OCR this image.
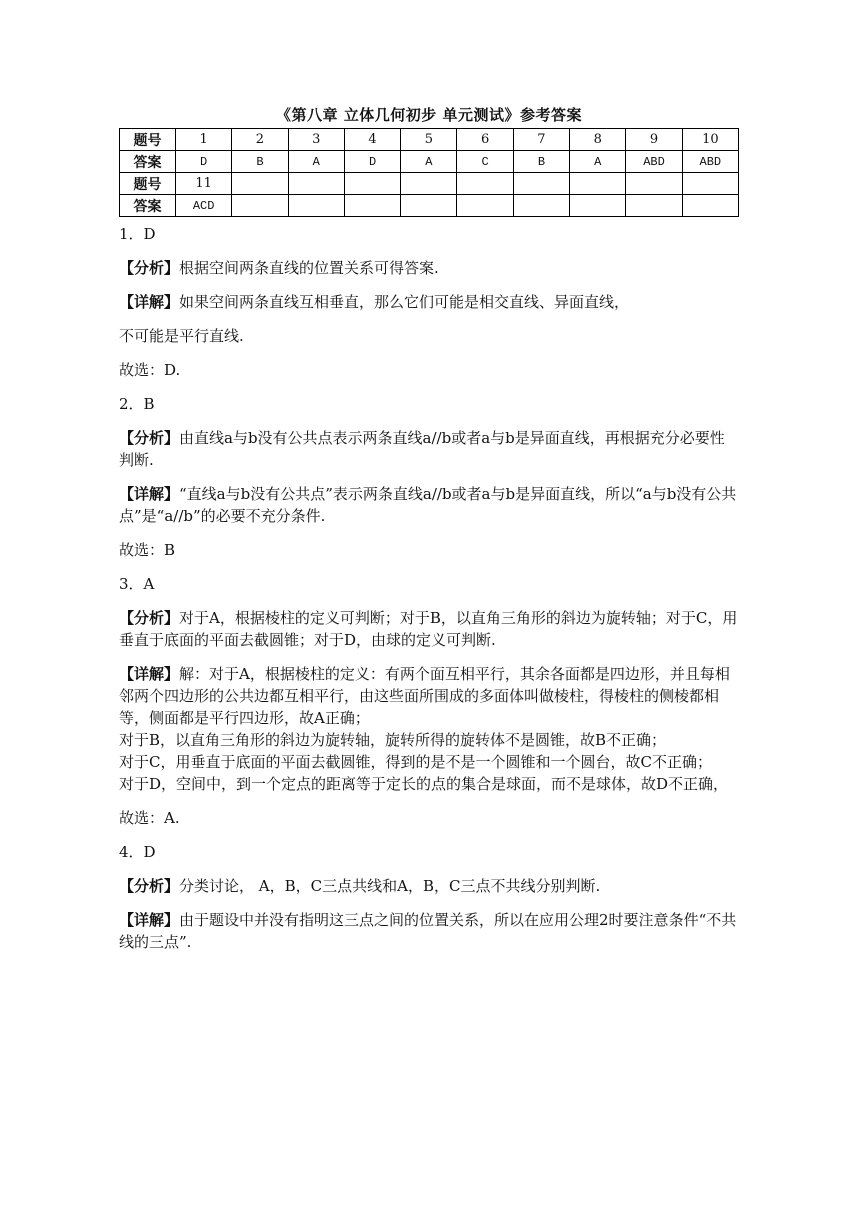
《第八章 立体几何初步 单元测试》参考答案
题号	1	2	3	4	5	6	7	8	9	10
答案	D	B	A	D	A	C	B	A	ABD	ABD
题号	11									
答案	ACD									

1．D

【分析】根据空间两条直线的位置关系可得答案.

【详解】如果空间两条直线互相垂直，那么它们可能是相交直线、异面直线，

不可能是平行直线.

故选：D.

2．B

【分析】由直线a与b没有公共点表示两条直线a//b或者a与b是异面直线，再根据充分必要性判断.

【详解】“直线a与b没有公共点”表示两条直线a//b或者a与b是异面直线，所以“a与b没有公共点”是“a//b”的必要不充分条件.

故选：B

3．A

【分析】对于A，根据棱柱的定义可判断；对于B，以直角三角形的斜边为旋转轴；对于C，用垂直于底面的平面去截圆锥；对于D，由球的定义可判断.

【详解】解：对于A，根据棱柱的定义：有两个面互相平行，其余各面都是四边形，并且每相邻两个四边形的公共边都互相平行，由这些面所围成的多面体叫做棱柱，得棱柱的侧棱都相等，侧面都是平行四边形，故A正确；

对于B，以直角三角形的斜边为旋转轴，旋转所得的旋转体不是圆锥，故B不正确；

对于C，用垂直于底面的平面去截圆锥，得到的是不是一个圆锥和一个圆台，故C不正确；

对于D，空间中，到一个定点的距离等于定长的点的集合是球面，而不是球体，故D不正确，

故选：A.

4．D

【分析】分类讨论， A，B，C三点共线和A，B，C三点不共线分别判断.

【详解】由于题设中并没有指明这三点之间的位置关系，所以在应用公理2时要注意条件“不共线的三点”.
